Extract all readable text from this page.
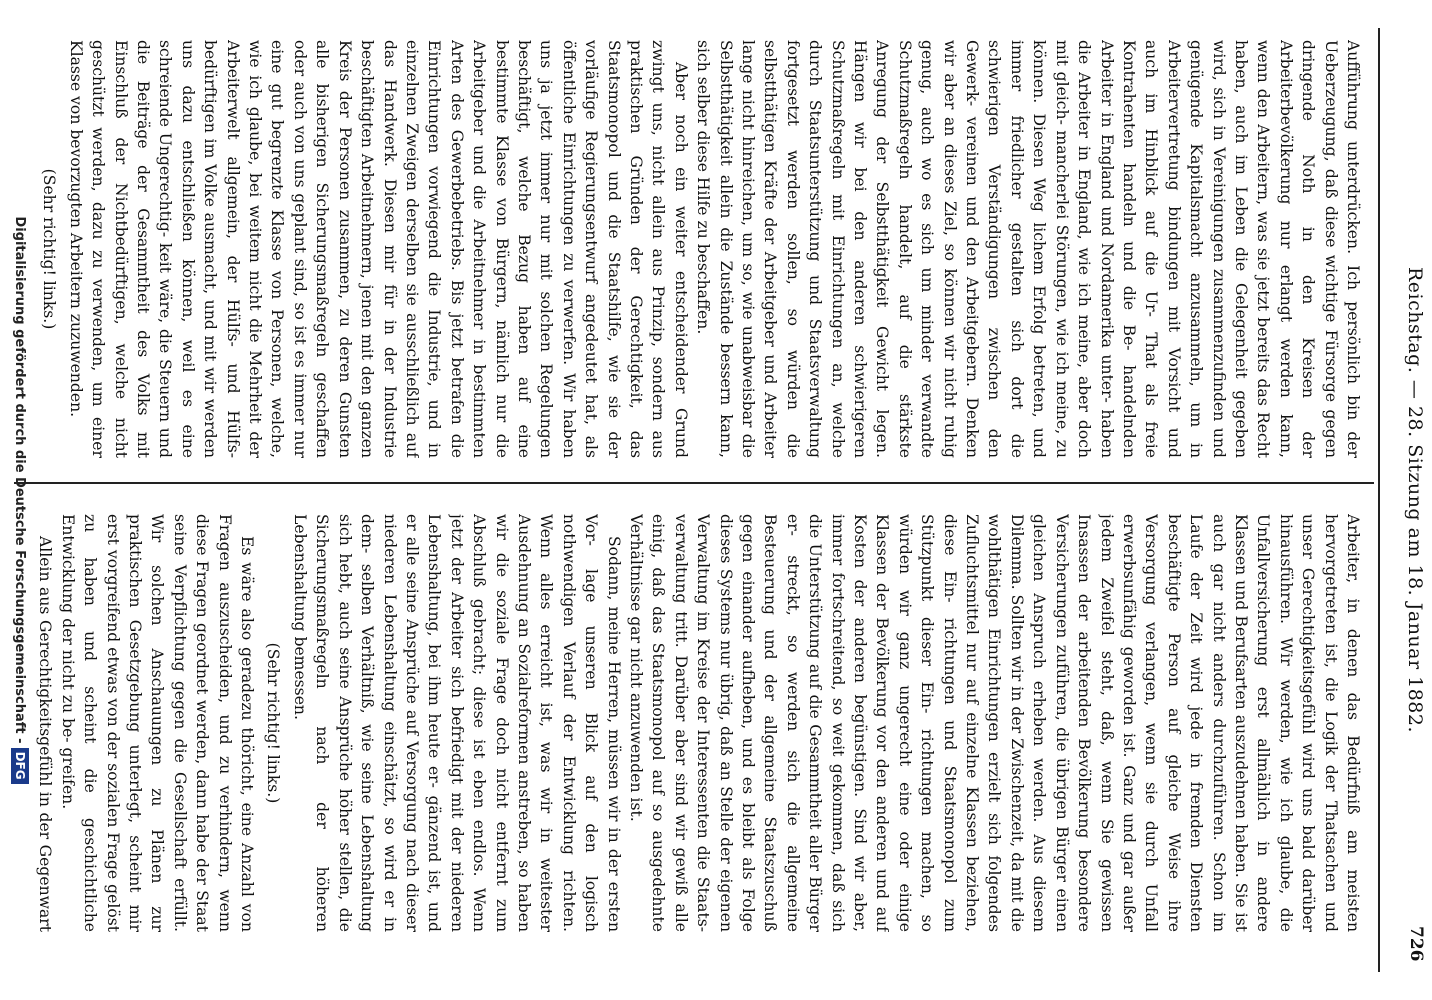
726
Reichstag. — 28. Sitzung am 18. Januar 1882.

Aufführung unterdrücken. Ich persönlich bin der Ueberzeugung, daß diese wichtige Fürsorge gegen dringende Noth in den Kreisen der Arbeiterbevölkerung nur erlangt werden kann, wenn den Arbeitern, was sie jetzt bereits das Recht haben, auch im Leben die Gelegenheit gegeben wird, sich in Vereinigungen zusammenzufinden und genügende Kapitalsmacht anzusammeln, um in Arbeitervertretung bindungen mit Vorsicht und auch im Hinblick auf die Ur- That als freie Kontrahenten handeln und die Be- handelnden Arbeiter in England und Nordamerika unter- haben die Arbeiter in England, wie ich meine, aber doch mit gleich- mancherlei Störungen, wie ich meine, zu können. Diesen Weg lichem Erfolg betreten, und immer friedlicher gestalten sich dort die schwierigen Verständigungen zwischen den Gewerk- vereinen und den Arbeitgebern. Denken wir aber an dieses Ziel, so können wir nicht ruhig genug, auch wo es sich um minder verwandte Schutzmaßregeln handelt, auf die stärkste Anregung der Selbstthätigkeit Gewicht legen. Hängen wir bei den anderen schwierigeren Schutzmaßregeln mit Einrichtungen an, welche durch Staatsunterstützung und Staatsverwaltung fortgesetzt werden sollen, so würden die selbstthätigen Kräfte der Arbeitgeber und Arbeiter lange nicht hinreichen, um so, wie unabweisbar die Selbstthätigkeit allein die Zustände bessern kann, sich selber diese Hilfe zu beschaffen.

Aber noch ein weiter entscheidender Grund zwingt uns, nicht allein aus Prinzip, sondern aus praktischen Gründen der Gerechtigkeit, das Staatsmonopol und die Staatshilfe, wie sie der vorläufige Regierungsentwurf angedeutet hat, als öffentliche Einrichtungen zu verwerfen. Wir haben uns ja jetzt immer nur mit solchen Regelungen beschäftigt, welche Bezug haben auf eine bestimmte Klasse von Bürgern, nämlich nur die Arbeitgeber und die Arbeitnehmer in bestimmten Arten des Gewerbebetriebs. Bis jetzt betrafen die Einrichtungen vorwiegend die Industrie, und in einzelnen Zweigen derselben sie ausschließlich auf das Handwerk. Diesen mir für in der Industrie beschäftigten Arbeitnehmern, jenen mit den ganzen Kreis der Personen zusammen, zu deren Gunsten alle bisherigen Sicherungsmaßregeln geschaffen oder auch von uns geplant sind, so ist es immer nur eine gut begrenzte Klasse von Personen, welche, wie ich glaube, bei weitem nicht die Mehrheit der Arbeiterwelt allgemein, der Hülfs- und Hülfs- bedürftigen im Volke ausmacht, und mit wir werden uns dazu entschließen können, weil es eine schreiende Ungerechtig- keit wäre, die Steuern und die Beiträge der Gesammtheit des Volks mit Einschluß der Nichtbedürftigen, welche nicht geschützt werden, dazu zu verwenden, um einer Klasse von bevorzugten Arbeitern zuzuwenden.

(Sehr richtig! links.)

Arbeiter, in denen das Bedürfniß am meisten hervorgetreten ist, die Logik der Thatsachen und unser Gerechtigkeitsgefühl wird uns bald darüber hinausführen. Wir werden, wie ich glaube, die Unfallversicherung erst allmählich in andere Klassen und Berufsarten auszudehnen haben. Sie ist auch gar nicht anders durchzuführen. Schon im Laufe der Zeit wird jede in fremden Diensten beschäftigte Person auf gleiche Weise ihre Versorgung verlangen, wenn sie durch Unfall erwerbsunfähig geworden ist. Ganz und gar außer jedem Zweifel steht, daß, wenn Sie gewissen Insassen der arbeitenden Bevölkerung besondere Versicherungen zuführen, die übrigen Bürger einen gleichen Anspruch erheben werden. Aus diesem Dilemma. Sollten wir in der Zwischenzeit, da mit die wohlthätigen Einrichtungen erzielt sich folgendes Zufluchtsmittel nur auf einzelne Klassen beziehen, diese Ein- richtungen und Staatsmonopol zum Stützpunkt dieser Ein- richtungen machen, so würden wir ganz ungerecht eine oder einige Klassen der Bevölkerung vor den anderen und auf Kosten der anderen begünstigen. Sind wir aber, immer fortschreitend, so weit gekommen, daß sich die Unterstützung auf die Gesammtheit aller Bürger er- streckt, so werden sich die allgemeine Besteuerung und der allgemeine Staatszuschuß gegen einander aufheben, und es bleibt als Folge dieses Systems nur übrig, daß an Stelle der eigenen Verwaltung im Kreise der Interessenten die Staats- verwaltung tritt. Darüber aber sind wir gewiß alle einig, daß das Staatsmonopol auf so ausgedehnte Verhältnisse gar nicht anzuwenden ist.

Sodann, meine Herren, müssen wir in der ersten Vor- lage unseren Blick auf den logisch nothwendigen Verlauf der Entwicklung richten. Wenn alles erreicht ist, was wir in weitester Ausdehnung an Sozialreformen anstreben, so haben wir die soziale Frage doch nicht entfernt zum Abschluß gebracht; diese ist eben endlos. Wenn jetzt der Arbeiter sich befriedigt mit der niederen Lebenshaltung, bei ihm heute er- gänzend ist, und er alle seine Ansprüche auf Versorgung nach dieser niederen Lebenshaltung einschätzt, so wird er in dem- selben Verhältniß, wie seine Lebenshaltung sich hebt, auch seine Ansprüche höher stellen, die Sicherungsmaßregeln nach der höheren Lebenshaltung bemessen.

(Sehr richtig! links.)

Es wäre also geradezu thöricht, eine Anzahl von Fragen auszuscheiden, und zu verhindern, wenn diese Fragen geordnet werden, dann habe der Staat seine Verpflichtung gegen die Gesellschaft erfüllt. Wir solchen Anschauungen zu Plänen zur praktischen Gesetzgebung unterlegt, scheint mir erst vorgreifend etwas von der sozialen Frage gelöst zu haben und scheint die geschichtliche Entwicklung der nicht zu be- greifen.

Allein aus Gerechtigkeitsgefühl in der Gegenwart

Digitalisierung gefördert durch die Deutsche Forschungsgemeinschaft -DFG
